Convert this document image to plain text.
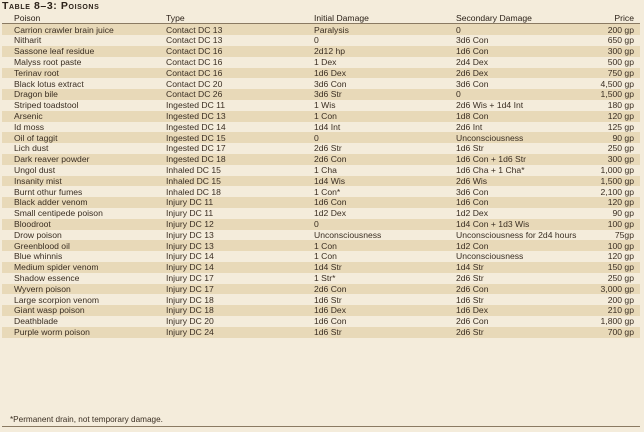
Table 8–3: Poisons
Poison	Type	Initial Damage	Secondary Damage	Price
Carrion crawler brain juice	Contact DC 13	Paralysis	0	200 gp
Nitharit	Contact DC 13	0	3d6 Con	650 gp
Sassone leaf residue	Contact DC 16	2d12 hp	1d6 Con	300 gp
Malyss root paste	Contact DC 16	1 Dex	2d4 Dex	500 gp
Terinav root	Contact DC 16	1d6 Dex	2d6 Dex	750 gp
Black lotus extract	Contact DC 20	3d6 Con	3d6 Con	4,500 gp
Dragon bile	Contact DC 26	3d6 Str	0	1,500 gp
Striped toadstool	Ingested DC 11	1 Wis	2d6 Wis + 1d4 Int	180 gp
Arsenic	Ingested DC 13	1 Con	1d8 Con	120 gp
Id moss	Ingested DC 14	1d4 Int	2d6 Int	125 gp
Oil of taggit	Ingested DC 15	0	Unconsciousness	90 gp
Lich dust	Ingested DC 17	2d6 Str	1d6 Str	250 gp
Dark reaver powder	Ingested DC 18	2d6 Con	1d6 Con + 1d6 Str	300 gp
Ungol dust	Inhaled DC 15	1 Cha	1d6 Cha + 1 Cha*	1,000 gp
Insanity mist	Inhaled DC 15	1d4 Wis	2d6 Wis	1,500 gp
Burnt othur fumes	Inhaled DC 18	1 Con*	3d6 Con	2,100 gp
Black adder venom	Injury DC 11	1d6 Con	1d6 Con	120 gp
Small centipede poison	Injury DC 11	1d2 Dex	1d2 Dex	90 gp
Bloodroot	Injury DC 12	0	1d4 Con + 1d3 Wis	100 gp
Drow poison	Injury DC 13	Unconsciousness	Unconsciousness for 2d4 hours	75gp
Greenblood oil	Injury DC 13	1 Con	1d2 Con	100 gp
Blue whinnis	Injury DC 14	1 Con	Unconsciousness	120 gp
Medium spider venom	Injury DC 14	1d4 Str	1d4 Str	150 gp
Shadow essence	Injury DC 17	1 Str*	2d6 Str	250 gp
Wyvern poison	Injury DC 17	2d6 Con	2d6 Con	3,000 gp
Large scorpion venom	Injury DC 18	1d6 Str	1d6 Str	200 gp
Giant wasp poison	Injury DC 18	1d6 Dex	1d6 Dex	210 gp
Deathblade	Injury DC 20	1d6 Con	2d6 Con	1,800 gp
Purple worm poison	Injury DC 24	1d6 Str	2d6 Str	700 gp
*Permanent drain, not temporary damage.
